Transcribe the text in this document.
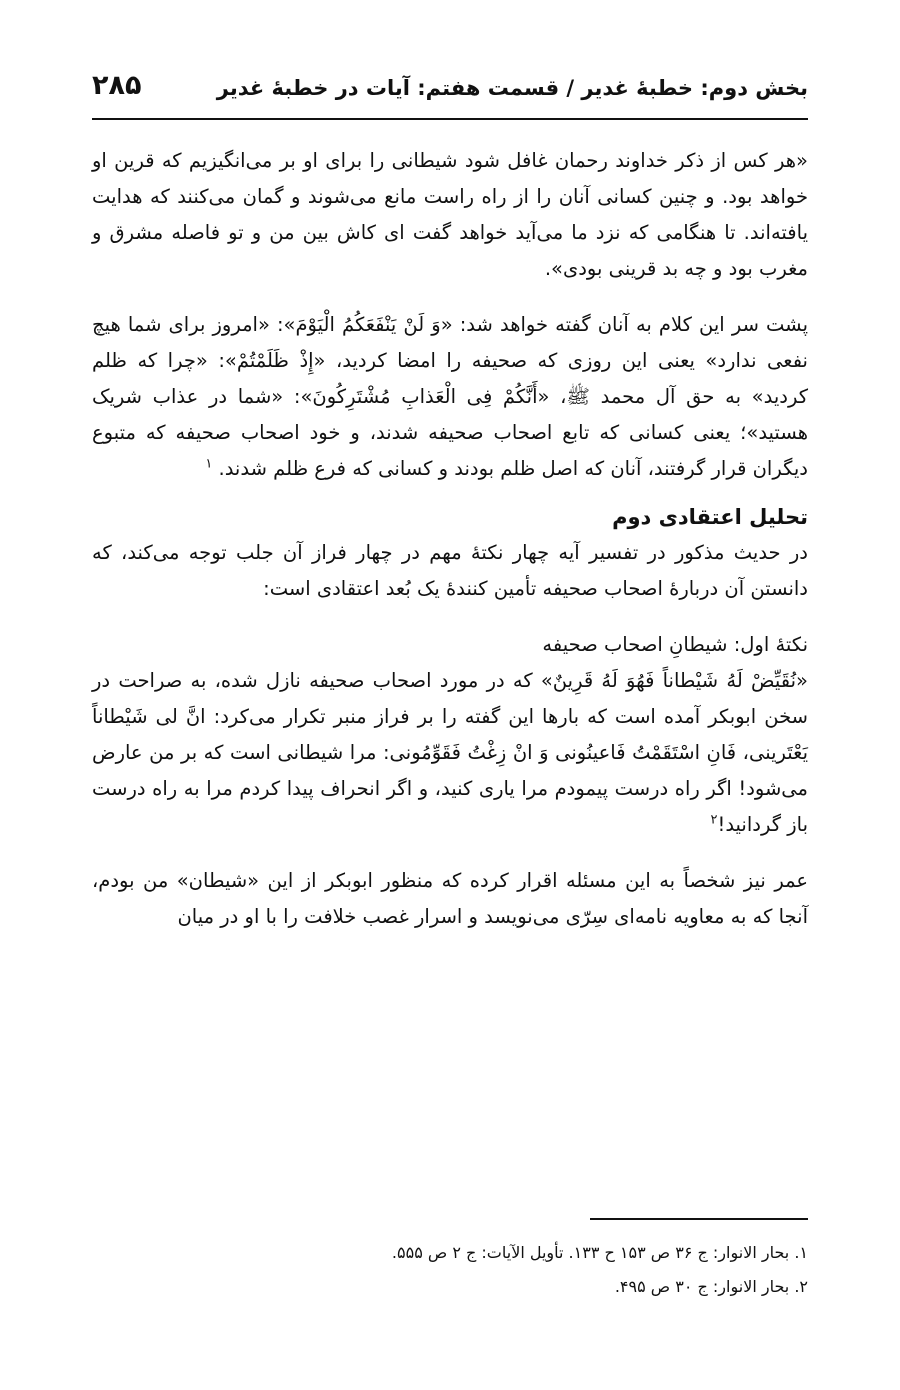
بخش دوم: خطبهٔ غدیر / قسمت هفتم: آیات در خطبهٔ غدیر
۲۸۵

«هر کس از ذکر خداوند رحمان غافل شود شیطانی را برای او بر می‌انگیزیم که قرین او خواهد بود. و چنین کسانی آنان را از راه راست مانع می‌شوند و گمان می‌کنند که هدایت یافته‌اند. تا هنگامی که نزد ما می‌آید خواهد گفت ای کاش بین من و تو فاصله مشرق و مغرب بود و چه بد قرینی بودی».

پشت سر این کلام به آنان گفته خواهد شد: «وَ لَنْ یَنْفَعَکُمُ الْیَوْمَ»: «امروز برای شما هیچ نفعی ندارد» یعنی این روزی که صحیفه را امضا کردید، «إِذْ ظَلَمْتُمْ»: «چرا که ظلم کردید» به حق آل محمد ﷺ، «أَنَّکُمْ فِی الْعَذابِ مُشْتَرِکُونَ»: «شما در عذاب شریک هستید»؛ یعنی کسانی که تابع اصحاب صحیفه شدند، و خود اصحاب صحیفه که متبوع دیگران قرار گرفتند، آنان که اصل ظلم بودند و کسانی که فرع ظلم شدند. $^۱$

تحلیل اعتقادی دوم

در حدیث مذکور در تفسیر آیه چهار نکتهٔ مهم در چهار فراز آن جلب توجه می‌کند، که دانستن آن دربارهٔ اصحاب صحیفه تأمین کنندهٔ یک بُعد اعتقادی است:

نکتهٔ اول: شیطانِ اصحاب صحیفه

«نُقَیِّضْ لَهُ شَیْطاناً فَهُوَ لَهُ قَرِینٌ» که در مورد اصحاب صحیفه نازل شده، به صراحت در سخن ابوبکر آمده است که بارها این گفته را بر فراز منبر تکرار می‌کرد: انَّ لی شَیْطاناً یَعْتَرینی، فَانِ اسْتَقَمْتُ فَاعینُونی وَ انْ زِغْتُ فَقَوِّمُونی: مرا شیطانی است که بر من عارض می‌شود! اگر راه درست پیمودم مرا یاری کنید، و اگر انحراف پیدا کردم مرا به راه درست باز گردانید!$^۲$

عمر نیز شخصاً به این مسئله اقرار کرده که منظور ابوبکر از این «شیطان» من بودم، آنجا که به معاویه نامه‌ای سِرّی می‌نویسد و اسرار غصب خلافت را با او در میان

۱. بحار الانوار: ج ۳۶ ص ۱۵۳ ح ۱۳۳. تأویل الآیات: ج ۲ ص ۵۵۵.

۲. بحار الانوار: ج ۳۰ ص ۴۹۵.
